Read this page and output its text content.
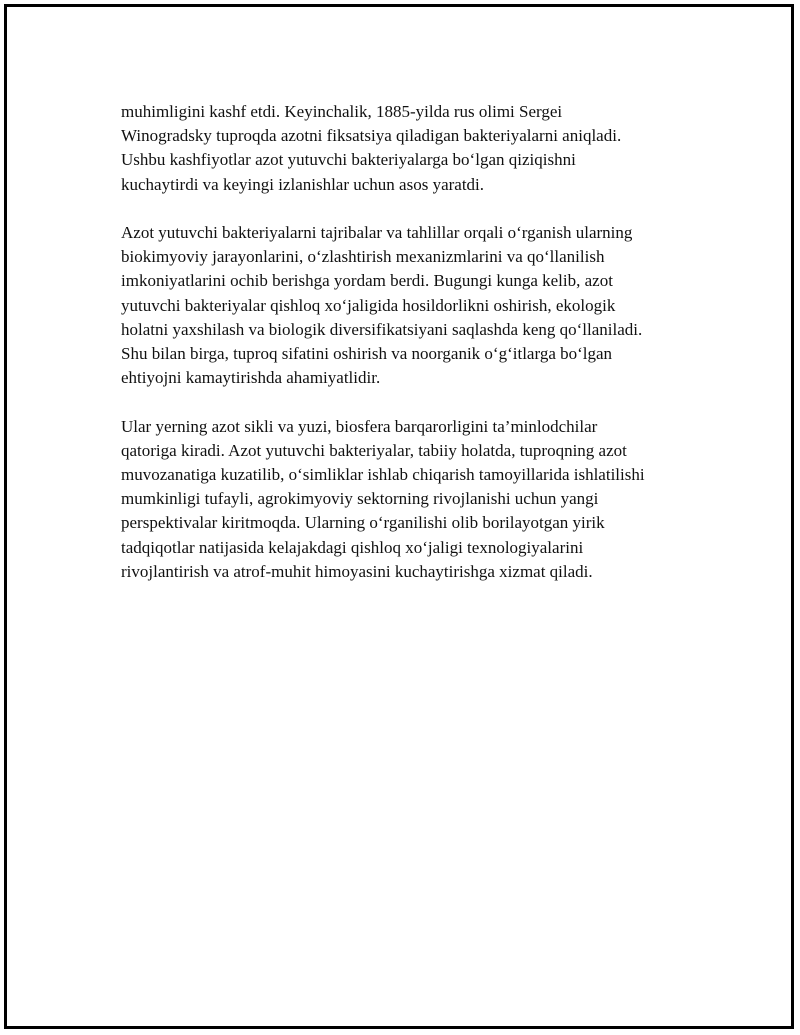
muhimligini kashf etdi. Keyinchalik, 1885-yilda rus olimi Sergei
Winogradsky tuproqda azotni fiksatsiya qiladigan bakteriyalarni aniqladi.
Ushbu kashfiyotlar azot yutuvchi bakteriyalarga bo‘lgan qiziqishni
kuchaytirdi va keyingi izlanishlar uchun asos yaratdi.

Azot yutuvchi bakteriyalarni tajribalar va tahlillar orqali o‘rganish ularning
biokimyoviy jarayonlarini, o‘zlashtirish mexanizmlarini va qo‘llanilish
imkoniyatlarini ochib berishga yordam berdi. Bugungi kunga kelib, azot
yutuvchi bakteriyalar qishloq xo‘jaligida hosildorlikni oshirish, ekologik
holatni yaxshilash va biologik diversifikatsiyani saqlashda keng qo‘llaniladi.
Shu bilan birga, tuproq sifatini oshirish va noorganik o‘g‘itlarga bo‘lgan
ehtiyojni kamaytirishda ahamiyatlidir.

Ular yerning azot sikli va yuzi, biosfera barqarorligini ta’minlodchilar
qatoriga kiradi. Azot yutuvchi bakteriyalar, tabiiy holatda, tuproqning azot
muvozanatiga kuzatilib, o‘simliklar ishlab chiqarish tamoyillarida ishlatilishi
mumkinligi tufayli, agrokimyoviy sektorning rivojlanishi uchun yangi
perspektivalar kiritmoqda. Ularning o‘rganilishi olib borilayotgan yirik
tadqiqotlar natijasida kelajakdagi qishloq xo‘jaligi texnologiyalarini
rivojlantirish va atrof-muhit himoyasini kuchaytirishga xizmat qiladi.
